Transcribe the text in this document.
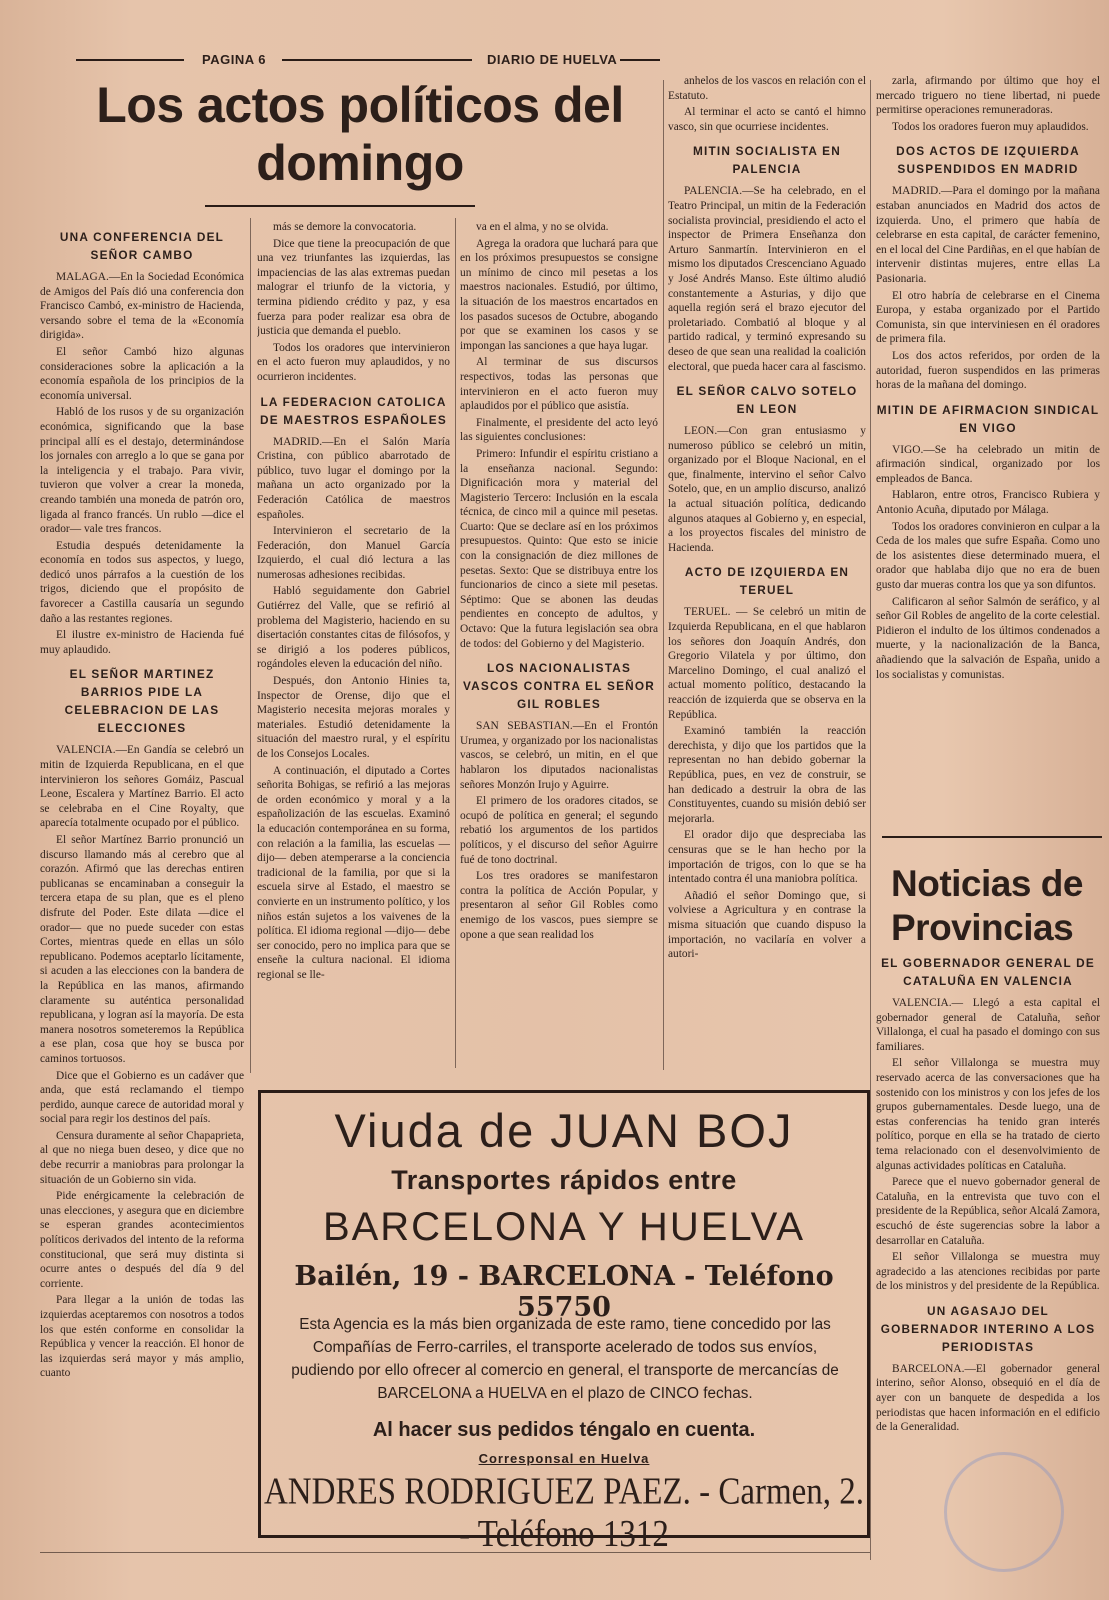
PAGINA 6	DIARIO DE HUELVA
Los actos políticos del domingo
UNA CONFERENCIA DEL SEÑOR CAMBO

MALAGA.—En la Sociedad Económica de Amigos del País dió una conferencia don Francisco Cambó, ex-ministro de Hacienda, versando sobre el tema de la «Economía dirigida».

El señor Cambó hizo algunas consideraciones sobre la aplicación a la economía española de los principios de la economía universal.

Habló de los rusos y de su organización económica, significando que la base principal allí es el destajo, determinándose los jornales con arreglo a lo que se gana por la inteligencia y el trabajo. Para vivir, tuvieron que volver a crear la moneda, creando también una moneda de patrón oro, ligada al franco francés. Un rublo —dice el orador— vale tres francos.

Estudia después detenidamente la economía en todos sus aspectos, y luego, dedicó unos párrafos a la cuestión de los trigos, diciendo que el propósito de favorecer a Castilla causaría un segundo daño a las restantes regiones.

El ilustre ex-ministro de Hacienda fué muy aplaudido.

EL SEÑOR MARTINEZ BARRIOS PIDE LA CELEBRACION DE LAS ELECCIONES

VALENCIA.—En Gandía se celebró un mitin de Izquierda Republicana, en el que intervinieron los señores Gomáiz, Pascual Leone, Escalera y Martínez Barrio. El acto se celebraba en el Cine Royalty, que aparecía totalmente ocupado por el público.

El señor Martínez Barrio pronunció un discurso llamando más al cerebro que al corazón. Afirmó que las derechas entiren publicanas se encaminaban a conseguir la tercera etapa de su plan, que es el pleno disfrute del Poder. Este dilata —dice el orador— que no puede suceder con estas Cortes, mientras quede en ellas un sólo republicano. Podemos aceptarlo lícitamente, si acuden a las elecciones con la bandera de la República en las manos, afirmando claramente su auténtica personalidad republicana, y logran así la mayoría. De esta manera nosotros someteremos la República a ese plan, cosa que hoy se busca por caminos tortuosos.

Dice que el Gobierno es un cadáver que anda, que está reclamando el tiempo perdido, aunque carece de autoridad moral y social para regir los destinos del país.

Censura duramente al señor Chapaprieta, al que no niega buen deseo, y dice que no debe recurrir a maniobras para prolongar la situación de un Gobierno sin vida.

Pide enérgicamente la celebración de unas elecciones, y asegura que en diciembre se esperan grandes acontecimientos políticos derivados del intento de la reforma constitucional, que será muy distinta si ocurre antes o después del día 9 del corriente.

Para llegar a la unión de todas las izquierdas aceptaremos con nosotros a todos los que estén conforme en consolidar la República y vencer la reacción. El honor de las izquierdas será mayor y más amplio, cuanto

más se demore la convocatoria.

Dice que tiene la preocupación de que una vez triunfantes las izquierdas, las impaciencias de las alas extremas puedan malograr el triunfo de la victoria, y termina pidiendo crédito y paz, y esa fuerza para poder realizar esa obra de justicia que demanda el pueblo.

Todos los oradores que intervinieron en el acto fueron muy aplaudidos, y no ocurrieron incidentes.

LA FEDERACION CATOLICA DE MAESTROS ESPAÑOLES

MADRID.—En el Salón María Cristina, con público abarrotado de público, tuvo lugar el domingo por la mañana un acto organizado por la Federación Católica de maestros españoles.

Intervinieron el secretario de la Federación, don Manuel García Izquierdo, el cual dió lectura a las numerosas adhesiones recibidas.

Habló seguidamente don Gabriel Gutiérrez del Valle, que se refirió al problema del Magisterio, haciendo en su disertación constantes citas de filósofos, y se dirigió a los poderes públicos, rogándoles eleven la educación del niño.

Después, don Antonio Hinies ta, Inspector de Orense, dijo que el Magisterio necesita mejoras morales y materiales. Estudió detenidamente la situación del maestro rural, y el espíritu de los Consejos Locales.

A continuación, el diputado a Cortes señorita Bohigas, se refirió a las mejoras de orden económico y moral y a la españolización de las escuelas. Examinó la educación contemporánea en su forma, con relación a la familia, las escuelas —dijo— deben atemperarse a la conciencia tradicional de la familia, por que si la escuela sirve al Estado, el maestro se convierte en un instrumento político, y los niños están sujetos a los vaivenes de la política. El idioma regional —dijo— debe ser conocido, pero no implica para que se enseñe la cultura nacional. El idioma regional se lle-

va en el alma, y no se olvida.

Agrega la oradora que luchará para que en los próximos presupuestos se consigne un mínimo de cinco mil pesetas a los maestros nacionales. Estudió, por último, la situación de los maestros encartados en los pasados sucesos de Octubre, abogando por que se examinen los casos y se impongan las sanciones a que haya lugar.

Al terminar de sus discursos respectivos, todas las personas que intervinieron en el acto fueron muy aplaudidos por el público que asistía.

Finalmente, el presidente del acto leyó las siguientes conclusiones:

Primero: Infundir el espíritu cristiano a la enseñanza nacional. Segundo: Dignificación mora y material del Magisterio Tercero: Inclusión en la escala técnica, de cinco mil a quince mil pesetas. Cuarto: Que se declare así en los próximos presupuestos. Quinto: Que esto se inicie con la consignación de diez millones de pesetas. Sexto: Que se distribuya entre los funcionarios de cinco a siete mil pesetas. Séptimo: Que se abonen las deudas pendientes en concepto de adultos, y Octavo: Que la futura legislación sea obra de todos: del Gobierno y del Magisterio.

LOS NACIONALISTAS VASCOS CONTRA EL SEÑOR GIL ROBLES

SAN SEBASTIAN.—En el Frontón Urumea, y organizado por los nacionalistas vascos, se celebró, un mitin, en el que hablaron los diputados nacionalistas señores Monzón Irujo y Aguirre.

El primero de los oradores citados, se ocupó de política en general; el segundo rebatió los argumentos de los partidos políticos, y el discurso del señor Aguirre fué de tono doctrinal.

Los tres oradores se manifestaron contra la política de Acción Popular, y presentaron al señor Gil Robles como enemigo de los vascos, pues siempre se opone a que sean realidad los

anhelos de los vascos en relación con el Estatuto.

Al terminar el acto se cantó el himno vasco, sin que ocurriese incidentes.

MITIN SOCIALISTA EN PALENCIA

PALENCIA.—Se ha celebrado, en el Teatro Principal, un mitin de la Federación socialista provincial, presidiendo el acto el inspector de Primera Enseñanza don Arturo Sanmartín. Intervinieron en el mismo los diputados Crescenciano Aguado y José Andrés Manso. Este último aludió constantemente a Asturias, y dijo que aquella región será el brazo ejecutor del proletariado. Combatió al bloque y al partido radical, y terminó expresando su deseo de que sean una realidad la coalición electoral, que pueda hacer cara al fascismo.

EL SEÑOR CALVO SOTELO EN LEON

LEON.—Con gran entusiasmo y numeroso público se celebró un mitin, organizado por el Bloque Nacional, en el que, finalmente, intervino el señor Calvo Sotelo, que, en un amplio discurso, analizó la actual situación política, dedicando algunos ataques al Gobierno y, en especial, a los proyectos fiscales del ministro de Hacienda.

ACTO DE IZQUIERDA EN TERUEL

TERUEL. — Se celebró un mitin de Izquierda Republicana, en el que hablaron los señores don Joaquín Andrés, don Gregorio Vilatela y por último, don Marcelino Domingo, el cual analizó el actual momento político, destacando la reacción de izquierda que se observa en la República.

Examinó también la reacción derechista, y dijo que los partidos que la representan no han debido gobernar la República, pues, en vez de construir, se han dedicado a destruir la obra de las Constituyentes, cuando su misión debió ser mejorarla.

El orador dijo que despreciaba las censuras que se le han hecho por la importación de trigos, con lo que se ha intentado contra él una maniobra política.

Añadió el señor Domingo que, si volviese a Agricultura y en contrase la misma situación que cuando dispuso la importación, no vacilaría en volver a autori-

zarla, afirmando por último que hoy el mercado triguero no tiene libertad, ni puede permitirse operaciones remuneradoras.

Todos los oradores fueron muy aplaudidos.

DOS ACTOS DE IZQUIERDA SUSPENDIDOS EN MADRID

MADRID.—Para el domingo por la mañana estaban anunciados en Madrid dos actos de izquierda. Uno, el primero que había de celebrarse en esta capital, de carácter femenino, en el local del Cine Pardiñas, en el que habían de intervenir distintas mujeres, entre ellas La Pasionaria.

El otro habría de celebrarse en el Cinema Europa, y estaba organizado por el Partido Comunista, sin que interviniesen en él oradores de primera fila.

Los dos actos referidos, por orden de la autoridad, fueron suspendidos en las primeras horas de la mañana del domingo.

MITIN DE AFIRMACION SINDICAL EN VIGO

VIGO.—Se ha celebrado un mitin de afirmación sindical, organizado por los empleados de Banca.

Hablaron, entre otros, Francisco Rubiera y Antonio Acuña, diputado por Málaga.

Todos los oradores convinieron en culpar a la Ceda de los males que sufre España. Como uno de los asistentes diese determinado muera, el orador que hablaba dijo que no era de buen gusto dar mueras contra los que ya son difuntos.

Calificaron al señor Salmón de seráfico, y al señor Gil Robles de angelito de la corte celestial. Pidieron el indulto de los últimos condenados a muerte, y la nacionalización de la Banca, añadiendo que la salvación de España, unido a los socialistas y comunistas.

Noticias de Provincias
EL GOBERNADOR GENERAL DE CATALUÑA EN VALENCIA

VALENCIA.— Llegó a esta capital el gobernador general de Cataluña, señor Villalonga, el cual ha pasado el domingo con sus familiares.

El señor Villalonga se muestra muy reservado acerca de las conversaciones que ha sostenido con los ministros y con los jefes de los grupos gubernamentales. Desde luego, una de estas conferencias ha tenido gran interés político, porque en ella se ha tratado de cierto tema relacionado con el desenvolvimiento de algunas actividades políticas en Cataluña.

Parece que el nuevo gobernador general de Cataluña, en la entrevista que tuvo con el presidente de la República, señor Alcalá Zamora, escuchó de éste sugerencias sobre la labor a desarrollar en Cataluña.

El señor Villalonga se muestra muy agradecido a las atenciones recibidas por parte de los ministros y del presidente de la República.

UN AGASAJO DEL GOBERNADOR INTERINO A LOS PERIODISTAS

BARCELONA.—El gobernador general interino, señor Alonso, obsequió en el día de ayer con un banquete de despedida a los periodistas que hacen información en el edificio de la Generalidad.

Viuda de JUAN BOJ
Transportes rápidos entre
BARCELONA Y HUELVA
Bailén, 19 - BARCELONA - Teléfono 55750
Esta Agencia es la más bien organizada de este ramo, tiene concedido por las Compañías de Ferro-carriles, el transporte acelerado de todos sus envíos, pudiendo por ello ofrecer al comercio en general, el transporte de mercancías de BARCELONA a HUELVA en el plazo de CINCO fechas.
Al hacer sus pedidos téngalo en cuenta.
Corresponsal en Huelva
ANDRES RODRIGUEZ PAEZ. - Carmen, 2. - Teléfono 1312
